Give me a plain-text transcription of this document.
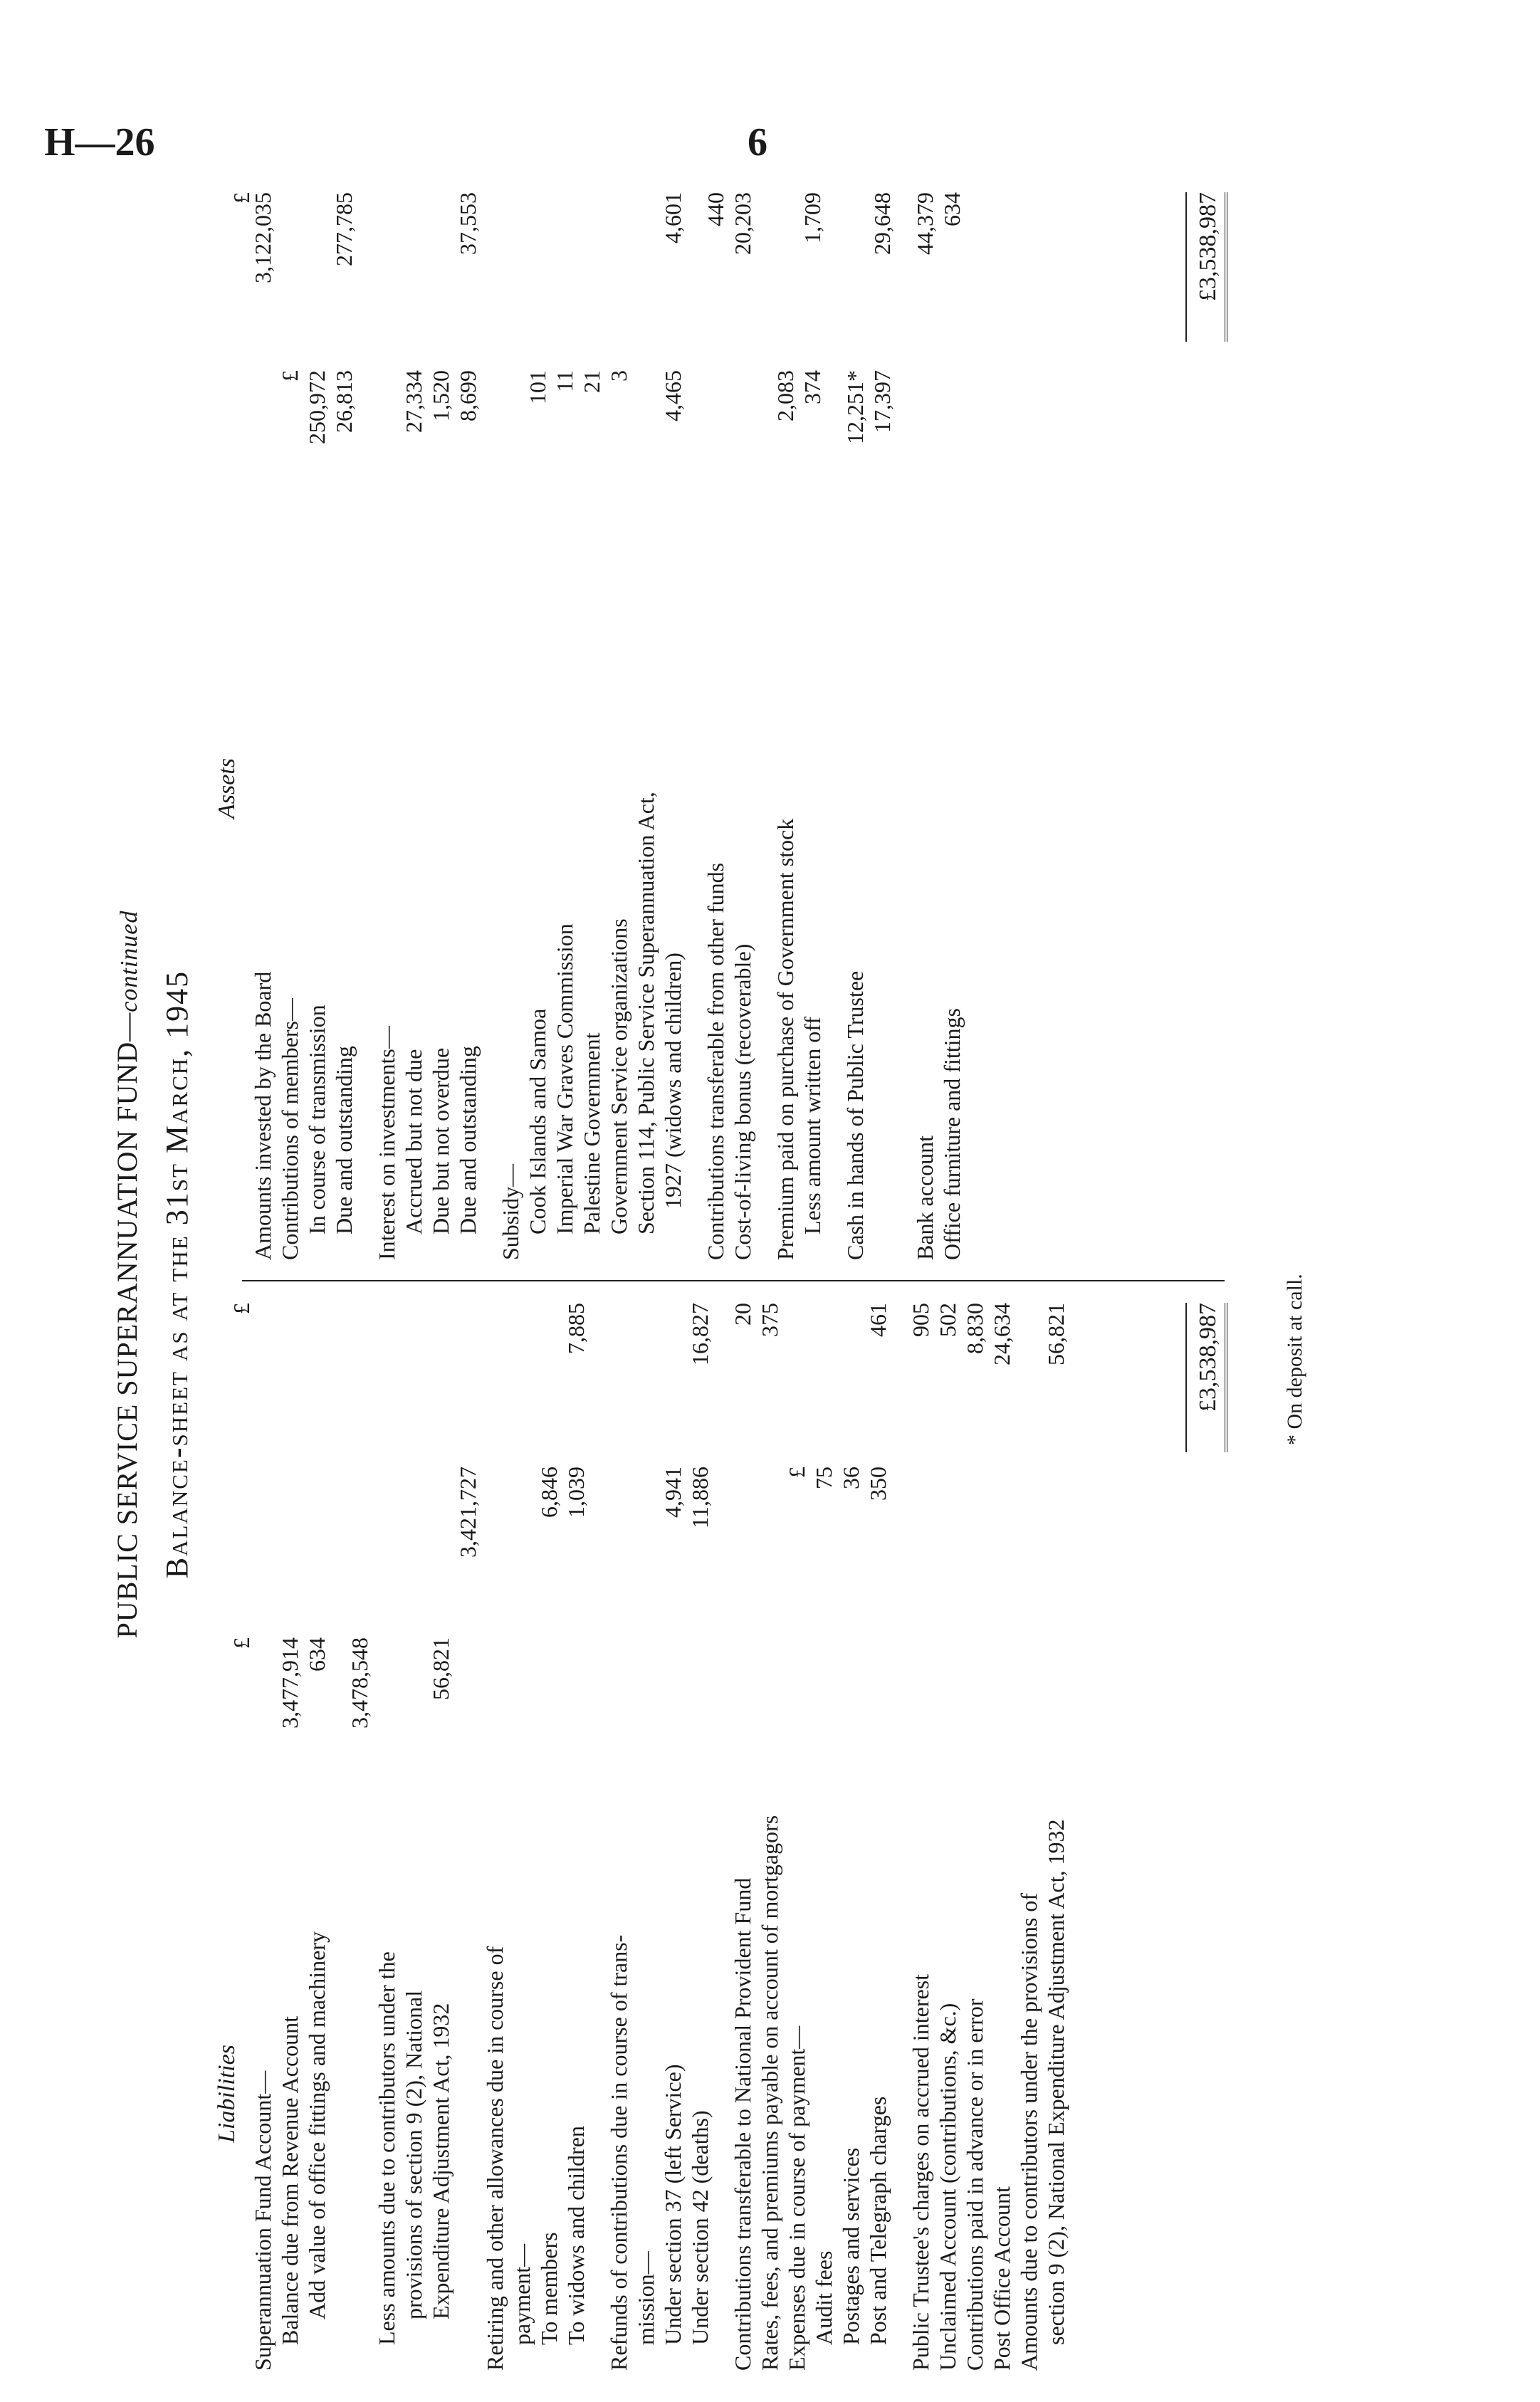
H—26	6
PUBLIC SERVICE SUPERANNUATION FUND—continued
Balance-sheet as at the 31st March, 1945
Liabilities
Assets
£
£
£
Superannuation Fund Account— Balance due from Revenue Account
3,477,914
Add value of office fittings and machinery
634 3,478,548
Less amounts due to contributors under the provisions of section 9 (2), National Expenditure Adjustment Act, 1932
56,821
3,421,727
Retiring and other allowances due in course of payment— To members
6,846
To widows and children
1,039
7,885
Refunds of contributions due in course of trans- mission— Under section 37 (left Service)
4,941
Under section 42 (deaths)
11,886
16,827
Contributions transferable to National Provident Fund
20
Rates, fees, and premiums payable on account of mortgagors
375
Expenses due in course of payment—
£
Audit fees
75
Postages and services
36
Post and Telegraph charges
350
461
Public Trustee's charges on accrued interest
905
Unclaimed Account (contributions, &c.)
502
Contributions paid in advance or in error
8,830
Post Office Account
24,634
Amounts due to contributors under the provisions of section 9 (2), National Expenditure Adjustment Act, 1932
56,821
Amounts invested by the Board
3,122,035
Contributions of members—
£
In course of transmission
250,972
Due and outstanding
26,813
277,785
Interest on investments— Accrued but not due
27,334
Due but not overdue
1,520
Due and outstanding
8,699
37,553
Subsidy— Cook Islands and Samoa
101
Imperial War Graves Commission
11
Palestine Government
21
Government Service organizations
3
Section 114, Public Service Superannuation Act, 1927 (widows and children)
4,465
4,601
Contributions transferable from other funds
440
Cost-of-living bonus (recoverable)
20,203
Premium paid on purchase of Government stock
2,083
Less amount written off
374
1,709
Cash in hands of Public Trustee
12,251* 17,397
29,648
Bank account
44,379
Office furniture and fittings
634
£3,538,987
£3,538,987
* On deposit at call.
